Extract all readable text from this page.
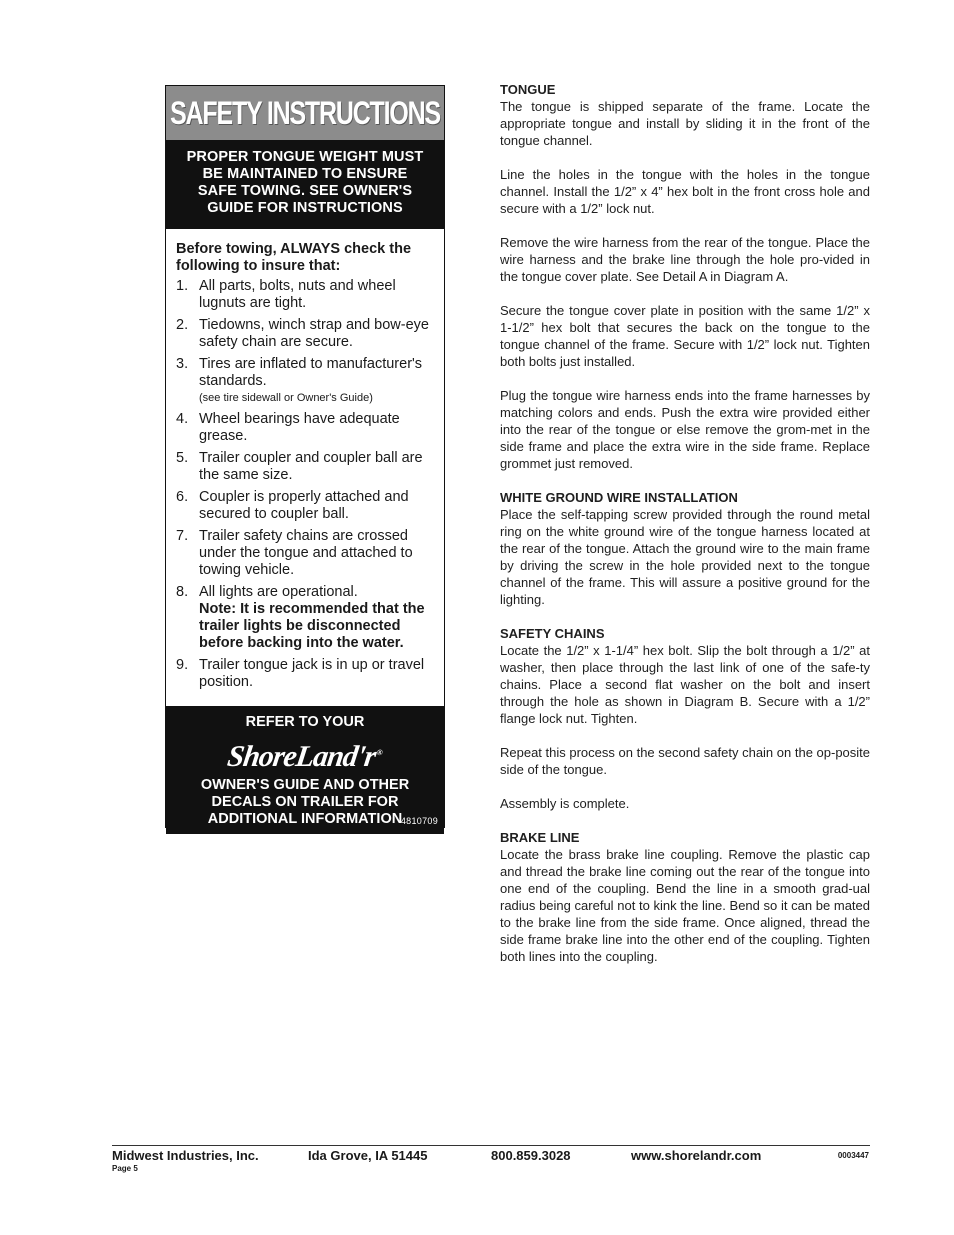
SAFETY INSTRUCTIONS
PROPER TONGUE WEIGHT MUST
BE MAINTAINED TO ENSURE
SAFE TOWING. SEE OWNER'S
GUIDE FOR INSTRUCTIONS
Before towing, ALWAYS check the
following to insure that:
1. All parts, bolts, nuts and wheel lugnuts are tight.
2. Tiedowns, winch strap and bow-eye safety chain are secure.
3. Tires are inflated to manufacturer's standards.
(see tire sidewall or Owner's Guide)
4. Wheel bearings have adequate grease.
5. Trailer coupler and coupler ball are the same size.
6. Coupler is properly attached and secured to coupler ball.
7. Trailer safety chains are crossed under the tongue and attached to towing vehicle.
8. All lights are operational.
Note: It is recommended that the trailer lights be disconnected before backing into the water.
9. Trailer tongue jack is in up or travel position.
REFER TO YOUR
ShoreLand'r®
OWNER'S GUIDE AND OTHER
DECALS ON TRAILER FOR
ADDITIONAL INFORMATION
4810709
TONGUE

The tongue is shipped separate of the frame. Locate the appropriate tongue and install by sliding it in the front of the tongue channel.

Line the holes in the tongue with the holes in the tongue channel. Install the 1/2” x 4” hex bolt in the front cross hole and secure with a 1/2” lock nut.

Remove the wire harness from the rear of the tongue. Place the wire harness and the brake line through the hole pro-vided in the tongue cover plate. See Detail A in Diagram A.

Secure the tongue cover plate in position with the same 1/2” x 1-1/2” hex bolt that secures the back on the tongue to the tongue channel of the frame. Secure with 1/2” lock nut. Tighten both bolts just installed.

Plug the tongue wire harness ends into the frame harnesses by matching colors and ends. Push the extra wire provided either into the rear of the tongue or else remove the grom-met in the side frame and place the extra wire in the side frame. Replace grommet just removed.

WHITE GROUND WIRE INSTALLATION

Place the self-tapping screw provided through the round metal ring on the white ground wire of the tongue harness located at the rear of the tongue. Attach the ground wire to the main frame by driving the screw in the hole provided next to the tongue channel of the frame. This will assure a positive ground for the lighting.

SAFETY CHAINS

Locate the 1/2” x 1-1/4” hex bolt. Slip the bolt through a 1/2” at washer, then place through the last link of one of the safe-ty chains. Place a second flat washer on the bolt and insert through the hole as shown in Diagram B. Secure with a 1/2” flange lock nut. Tighten.

Repeat this process on the second safety chain on the op-posite side of the tongue.

Assembly is complete.

BRAKE LINE

Locate the brass brake line coupling. Remove the plastic cap and thread the brake line coming out the rear of the tongue into one end of the coupling. Bend the line in a smooth grad-ual radius being careful not to kink the line. Bend so it can be mated to the brake line from the side frame. Once aligned, thread the side frame brake line into the other end of the coupling. Tighten both lines into the coupling.

Midwest Industries, Inc.	Ida Grove, IA 51445	800.859.3028	www.shorelandr.com	0003447
Page 5
